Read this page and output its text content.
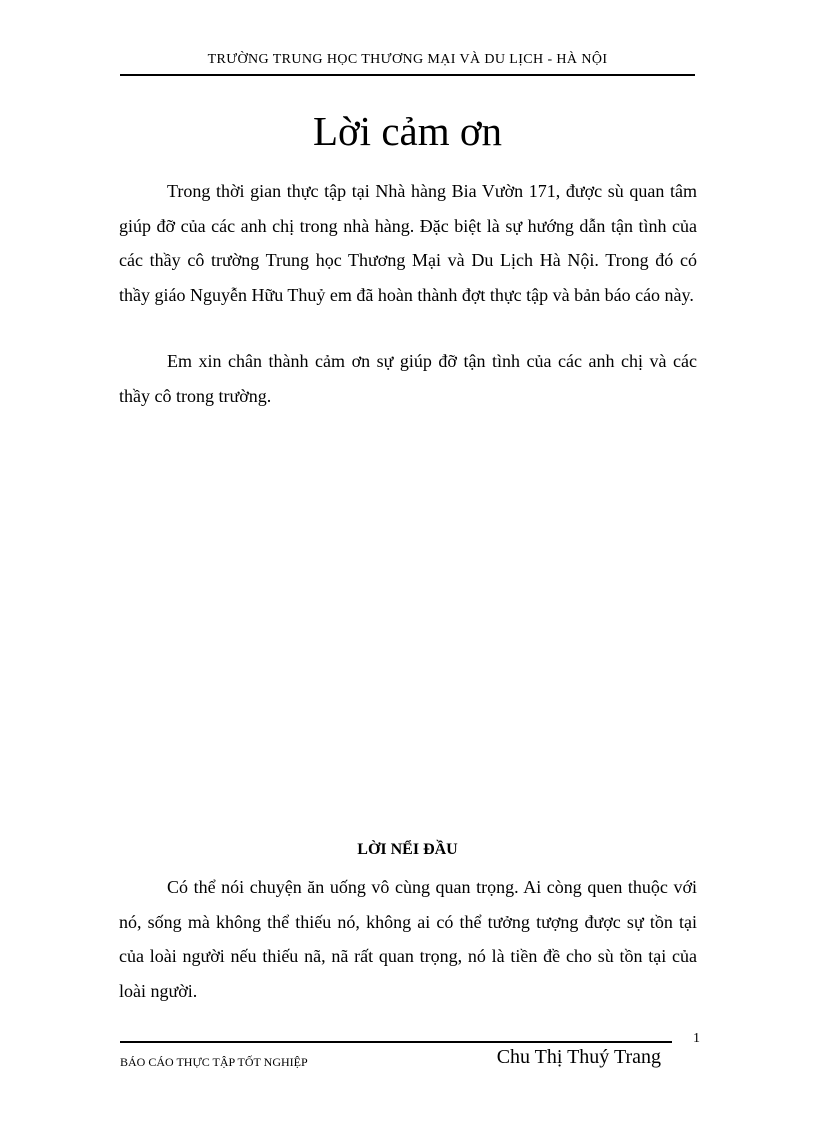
TRƯỜNG TRUNG HỌC THƯƠNG MẠI VÀ DU LỊCH - HÀ NỘI
Lời cảm ơn

Trong thời gian thực tập tại Nhà hàng Bia Vườn 171, được sù quan tâm giúp đỡ của các anh chị trong nhà hàng. Đặc biệt là sự hướng dẫn tận tình của các thầy cô trường Trung học Thương Mại và Du Lịch Hà Nội. Trong đó có thầy giáo Nguyễn Hữu Thuỷ em đã hoàn thành đợt thực tập và bản báo cáo này.

Em xin chân thành cảm ơn sự giúp đỡ tận tình của các anh chị và các thầy cô trong trường.

LỜI NỂI ĐẦU

Có thể nói chuyện ăn uống vô cùng quan trọng. Ai còng quen thuộc với nó, sống mà không thể thiếu nó, không ai có thể tưởng tượng được sự tồn tại của loài người nếu thiếu nã, nã rất quan trọng, nó là tiền đề cho sù tồn tại của loài người.

1
BÁO CÁO THỰC TẬP TỐT NGHIỆP	Chu Thị Thuý Trang
